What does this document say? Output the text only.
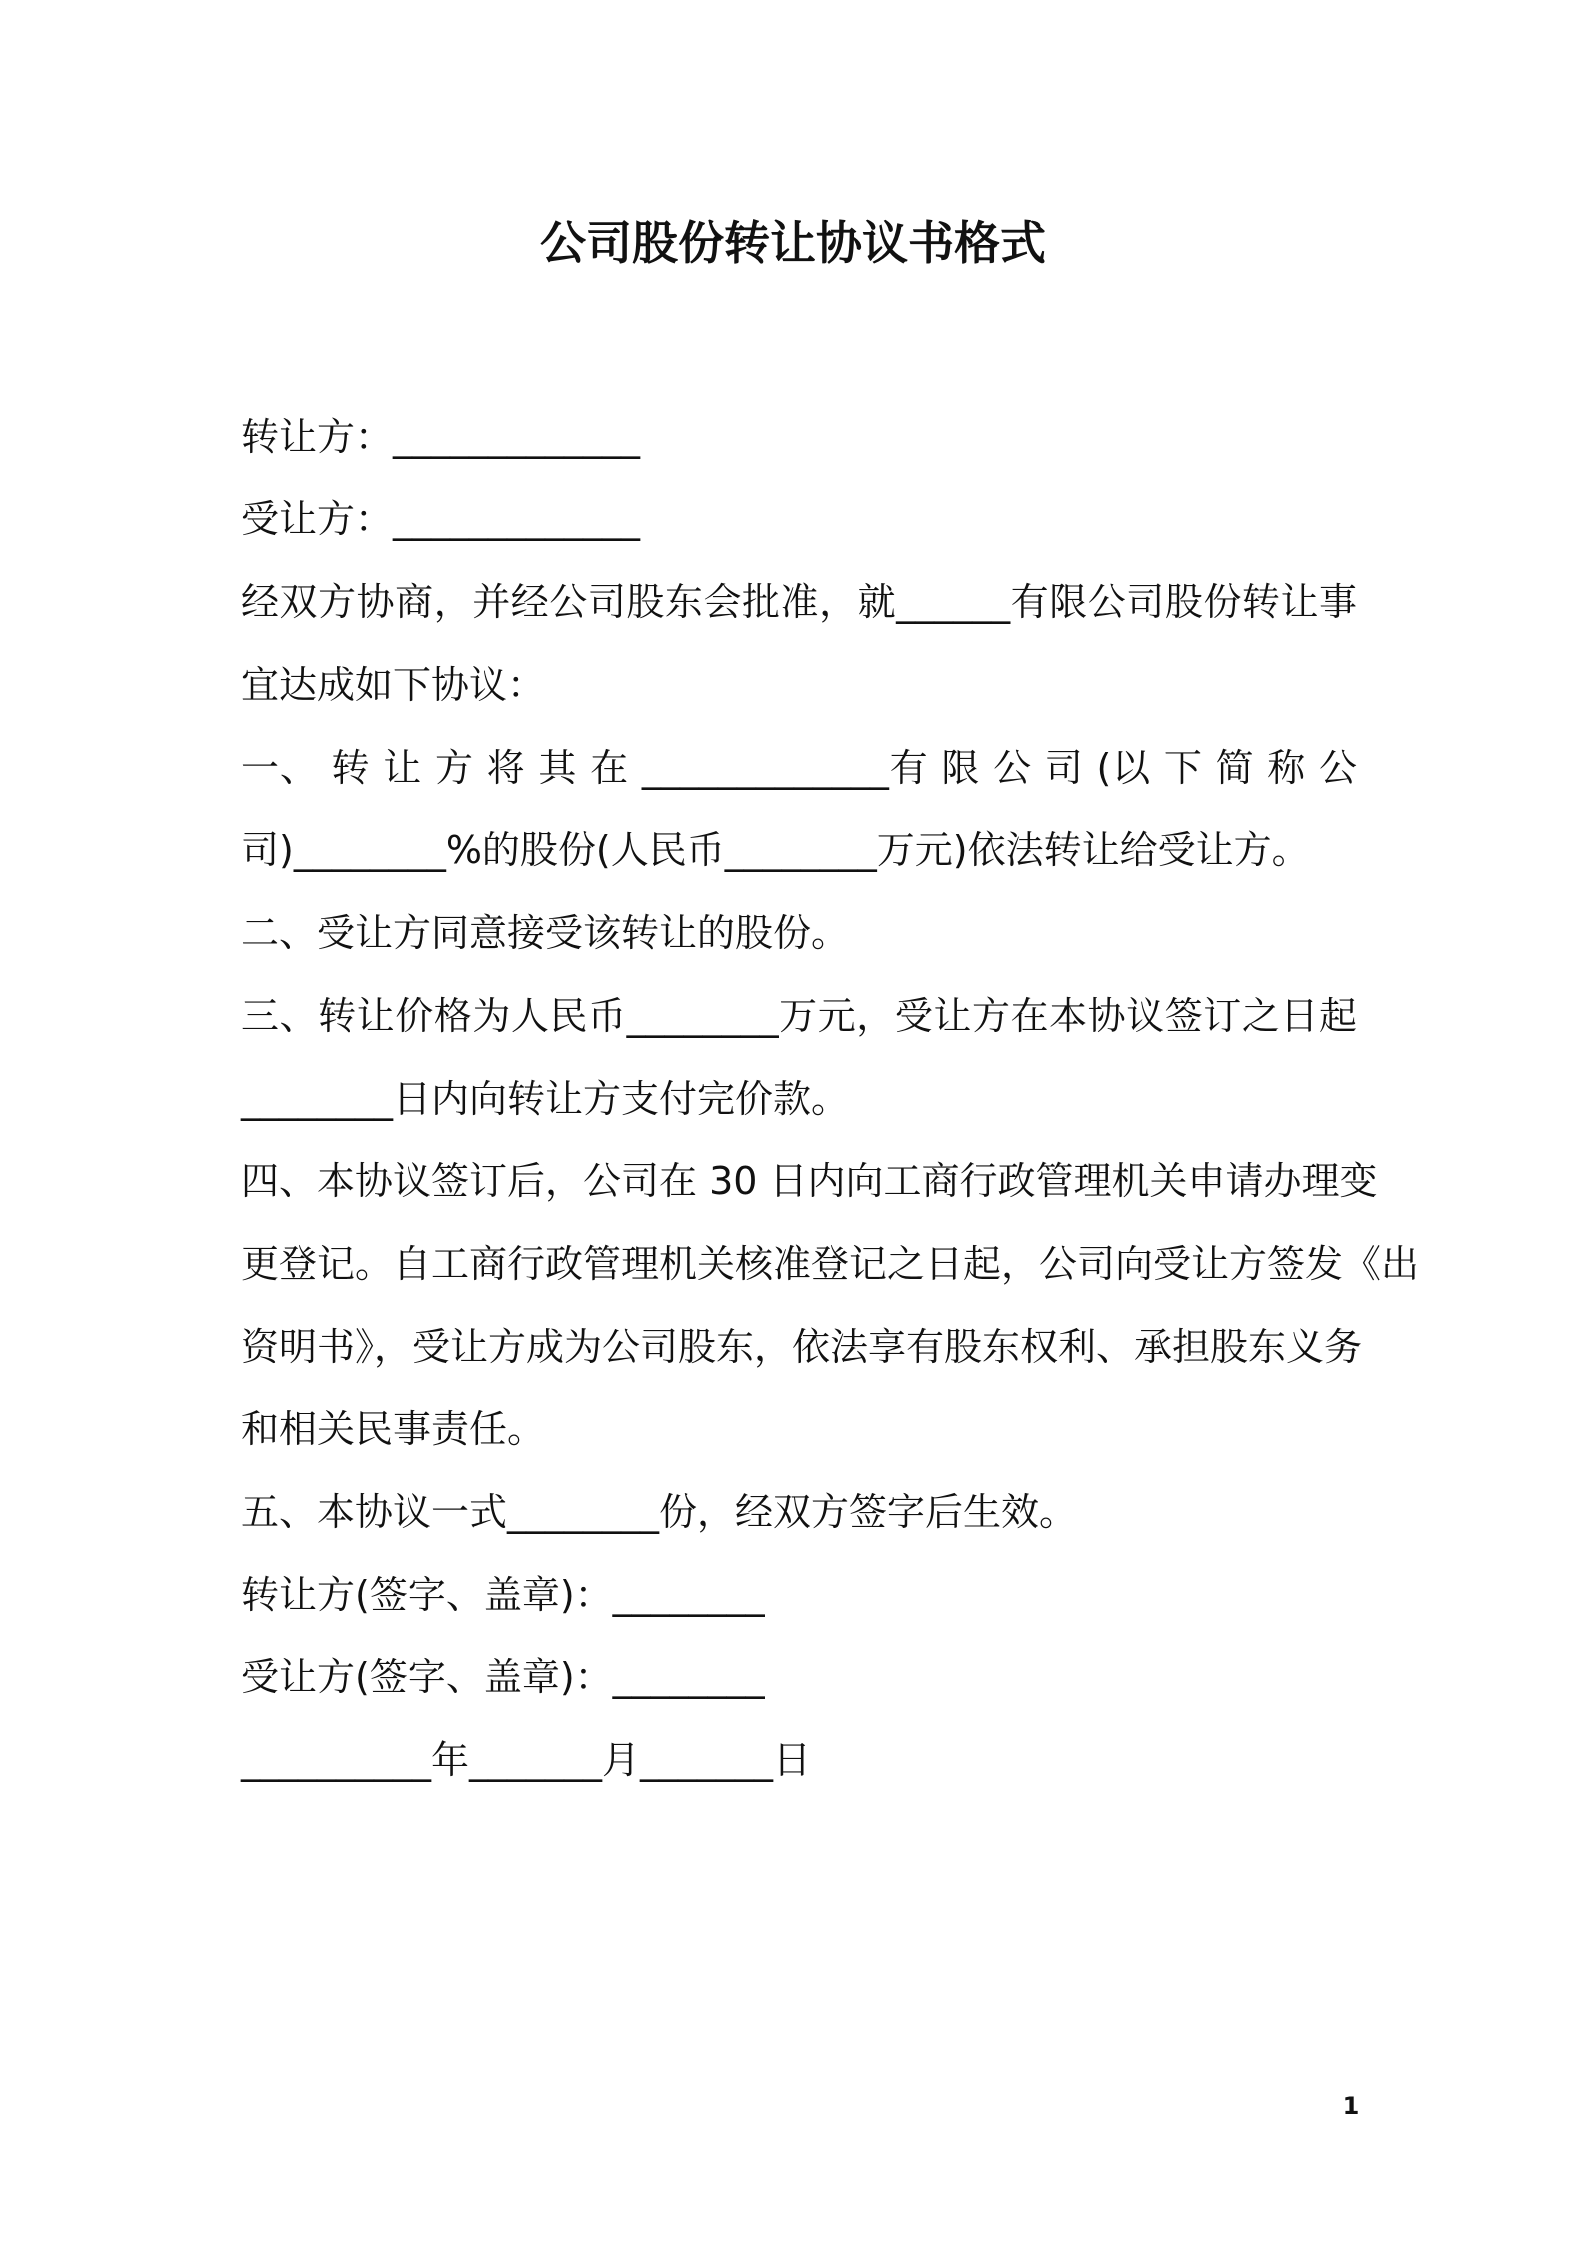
公司股份转让协议书格式
转让方：_____________
受让方：_____________
经双方协商，并经公司股东会批准，就______有限公司股份转让事
宜达成如下协议：
一、 转 让 方 将 其 在 _____________有 限 公 司 (以 下 简 称 公
司)________%的股份(人民币________万元)依法转让给受让方。
二、受让方同意接受该转让的股份。
三、转让价格为人民币________万元，受让方在本协议签订之日起
________日内向转让方支付完价款。
四、本协议签订后，公司在 30 日内向工商行政管理机关申请办理变
更登记。自工商行政管理机关核准登记之日起，公司向受让方签发《出
资明书》，受让方成为公司股东，依法享有股东权利、承担股东义务
和相关民事责任。
五、本协议一式________份，经双方签字后生效。
转让方(签字、盖章)：________
受让方(签字、盖章)：________
__________年_______月_______日
1
